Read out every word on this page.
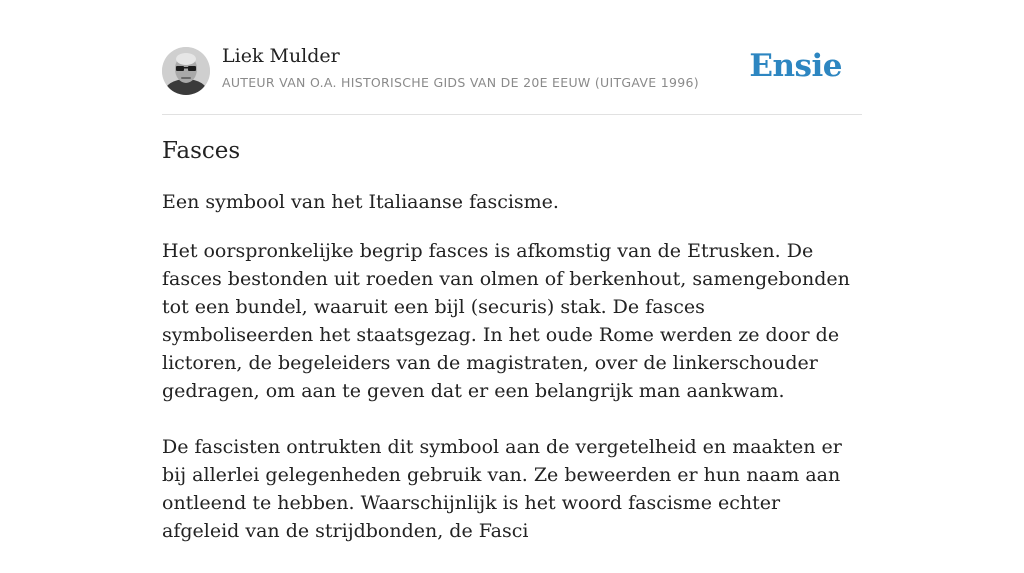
Liek Mulder
AUTEUR VAN O.A. HISTORISCHE GIDS VAN DE 20E EEUW (UITGAVE 1996) Ensie
Fasces
Een symbool van het Italiaanse fascisme.

Het oorspronkelijke begrip fasces is afkomstig van de Etrusken. De fasces bestonden uit roeden van olmen of berkenhout, samengebonden tot een bundel, waaruit een bijl (securis) stak. De fasces symboliseerden het staatsgezag. In het oude Rome werden ze door de lictoren, de begeleiders van de magistraten, over de linkerschouder gedragen, om aan te geven dat er een belangrijk man aankwam.

De fascisten ontrukten dit symbool aan de vergetelheid en maakten er bij allerlei gelegenheden gebruik van. Ze beweerden er hun naam aan ontleend te hebben. Waarschijnlijk is het woord fascisme echter afgeleid van de strijdbonden, de Fasci
